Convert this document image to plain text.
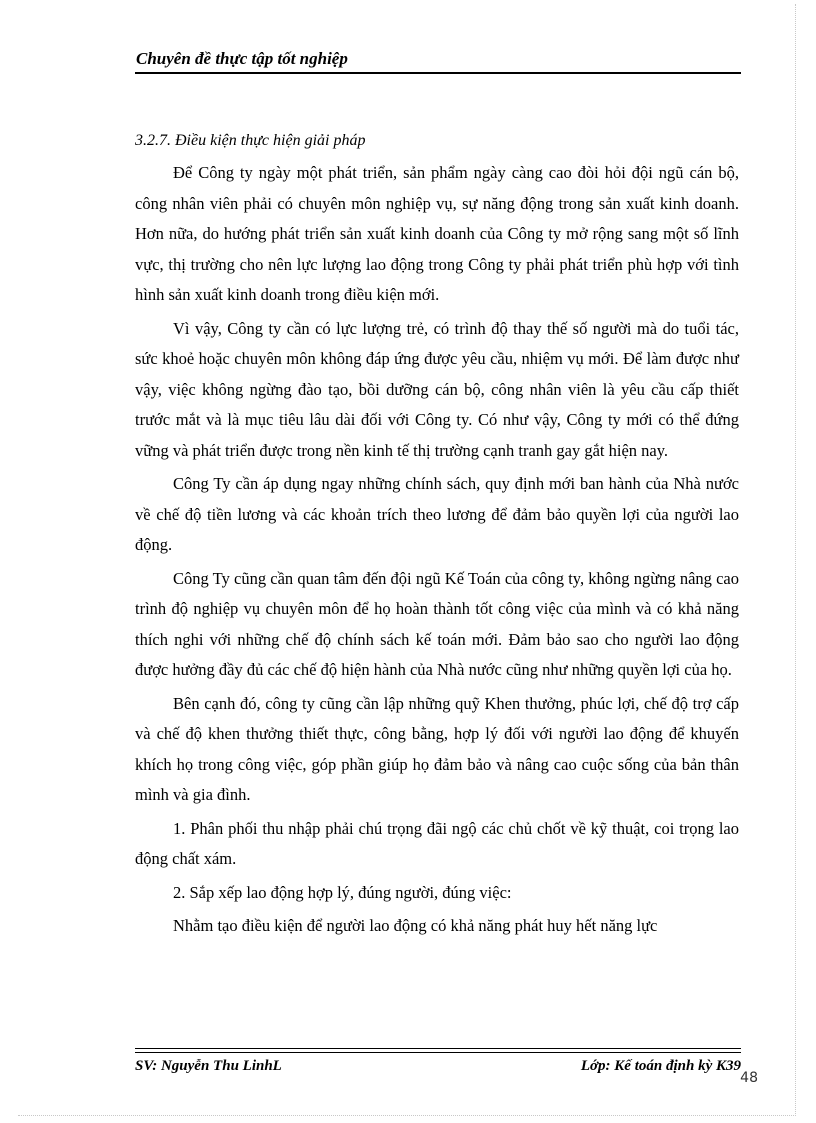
Chuyên đề thực tập tốt nghiệp
3.2.7. Điều kiện thực hiện giải pháp

Để Công ty ngày một phát triển, sản phẩm ngày càng cao đòi hỏi đội ngũ cán bộ, công nhân viên phải có chuyên môn nghiệp vụ, sự năng động trong sản xuất kinh doanh. Hơn nữa, do hướng phát triển sản xuất kinh doanh của Công ty mở rộng sang một số lĩnh vực, thị trường cho nên lực lượng lao động trong Công ty phải phát triển phù hợp với tình hình sản xuất kinh doanh trong điều kiện mới.

Vì vậy, Công ty cần có lực lượng trẻ, có trình độ thay thế số người mà do tuổi tác, sức khoẻ hoặc chuyên môn không đáp ứng được yêu cầu, nhiệm vụ mới. Để làm được như vậy, việc không ngừng đào tạo, bồi dưỡng cán bộ, công nhân viên là yêu cầu cấp thiết trước mắt và là mục tiêu lâu dài đối với Công ty. Có như vậy, Công ty mới có thể đứng vững và phát triển được trong nền kinh tế thị trường cạnh tranh gay gắt hiện nay.

Công Ty cần áp dụng ngay những chính sách, quy định mới ban hành của Nhà nước về chế độ tiền lương và các khoản trích theo lương để đảm bảo quyền lợi của người lao động.

Công Ty cũng cần quan tâm đến đội ngũ Kế Toán của công ty, không ngừng nâng cao trình độ nghiệp vụ chuyên môn để họ hoàn thành tốt công việc của mình và có khả năng thích nghi với những chế độ chính sách kế toán mới. Đảm bảo sao cho người lao động được hưởng đầy đủ các chế độ hiện hành của Nhà nước cũng như những quyền lợi của họ.

Bên cạnh đó, công ty cũng cần lập những quỹ Khen thưởng, phúc lợi, chế độ trợ cấp và chế độ khen thưởng thiết thực, công bằng, hợp lý đối với người lao động để khuyến khích họ trong công việc, góp phần giúp họ đảm bảo và nâng cao cuộc sống của bản thân mình và gia đình.

1. Phân phối thu nhập phải chú trọng đãi ngộ các chủ chốt về kỹ thuật, coi trọng lao động chất xám.

2. Sắp xếp lao động hợp lý, đúng người, đúng việc:

Nhằm tạo điều kiện để người lao động có khả năng phát huy hết năng lực

SV: Nguyễn Thu LinhL	Lớp: Kế toán định kỳ K39
48
